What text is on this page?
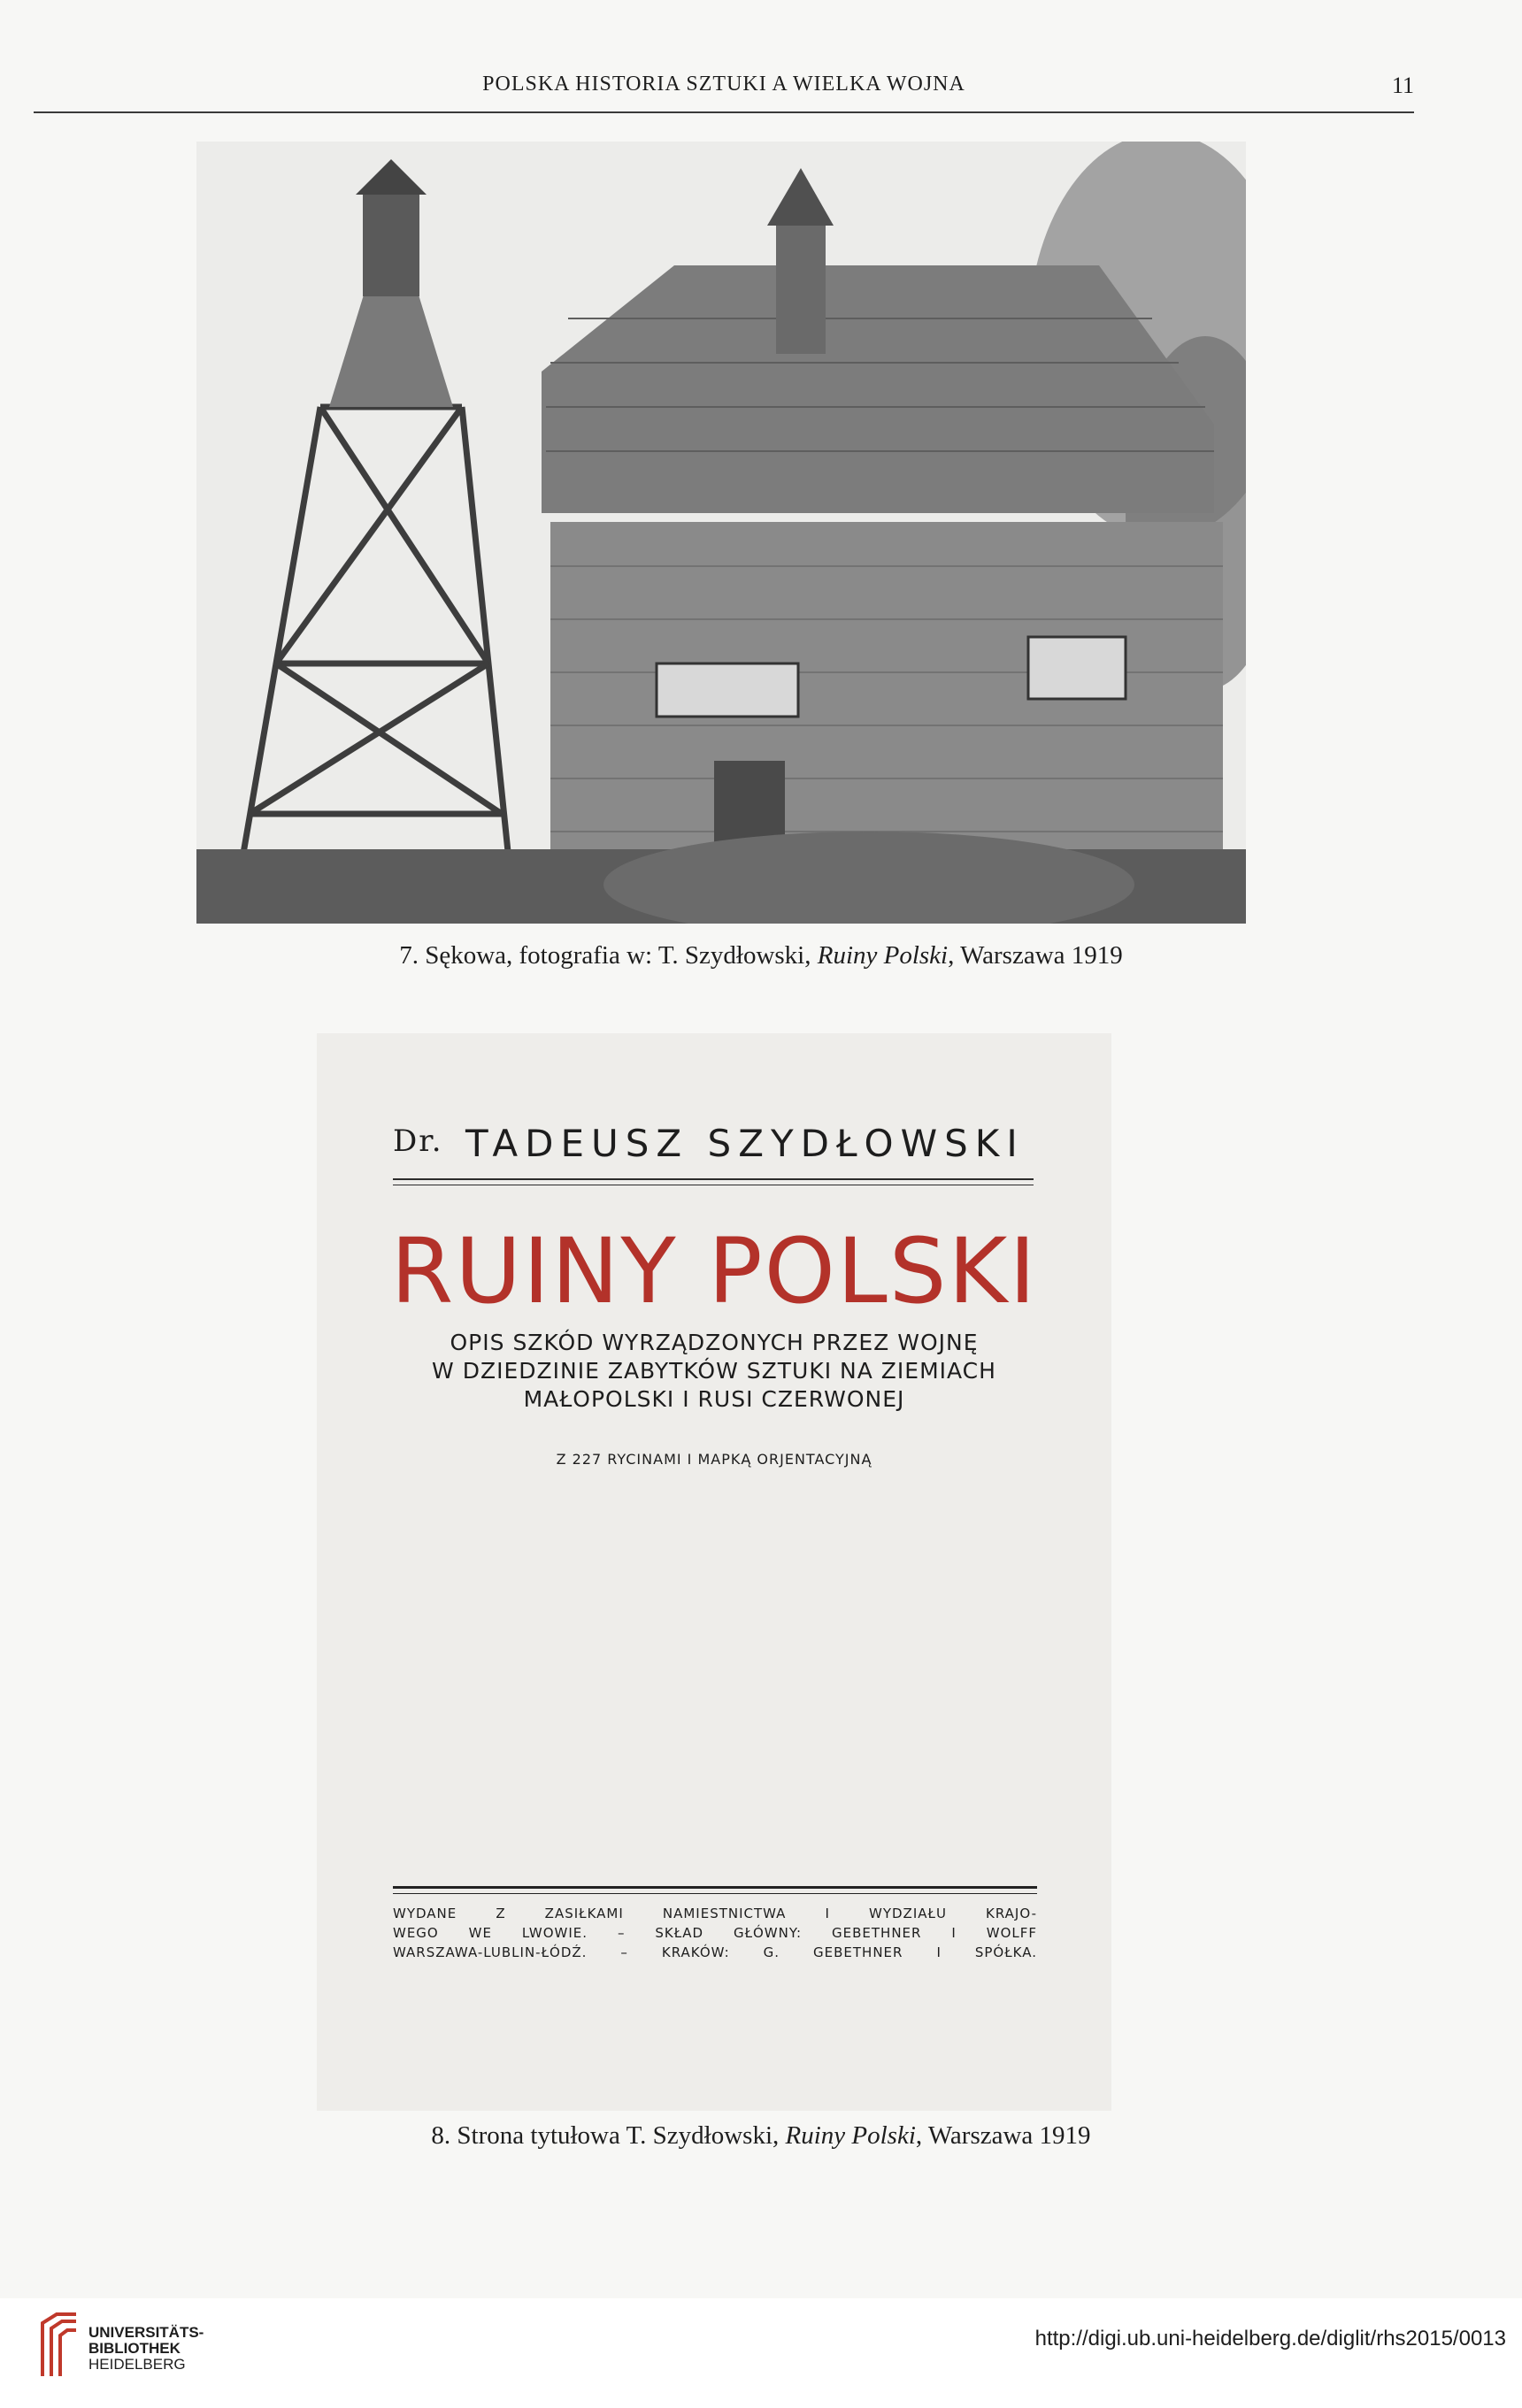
POLSKA HISTORIA SZTUKI A WIELKA WOJNA	11
7. Sękowa, fotografia w: T. Szydłowski, Ruiny Polski, Warszawa 1919
Dr. TADEUSZ SZYDŁOWSKI
RUINY POLSKI
OPIS SZKÓD WYRZĄDZONYCH PRZEZ WOJNĘ
W DZIEDZINIE ZABYTKÓW SZTUKI NA ZIEMIACH
MAŁOPOLSKI I RUSI CZERWONEJ
Z 227 RYCINAMI I MAPKĄ ORJENTACYJNĄ
WYDANE Z ZASIŁKAMI NAMIESTNICTWA I WYDZIAŁU KRAJO-
WEGO WE LWOWIE. – SKŁAD GŁÓWNY: GEBETHNER I WOLFF
WARSZAWA-LUBLIN-ŁÓDŹ. – KRAKÓW: G. GEBETHNER I SPÓŁKA.
8. Strona tytułowa T. Szydłowski, Ruiny Polski, Warszawa 1919
UNIVERSITÄTS-
BIBLIOTHEK
HEIDELBERG
http://digi.ub.uni-heidelberg.de/diglit/rhs2015/0013
